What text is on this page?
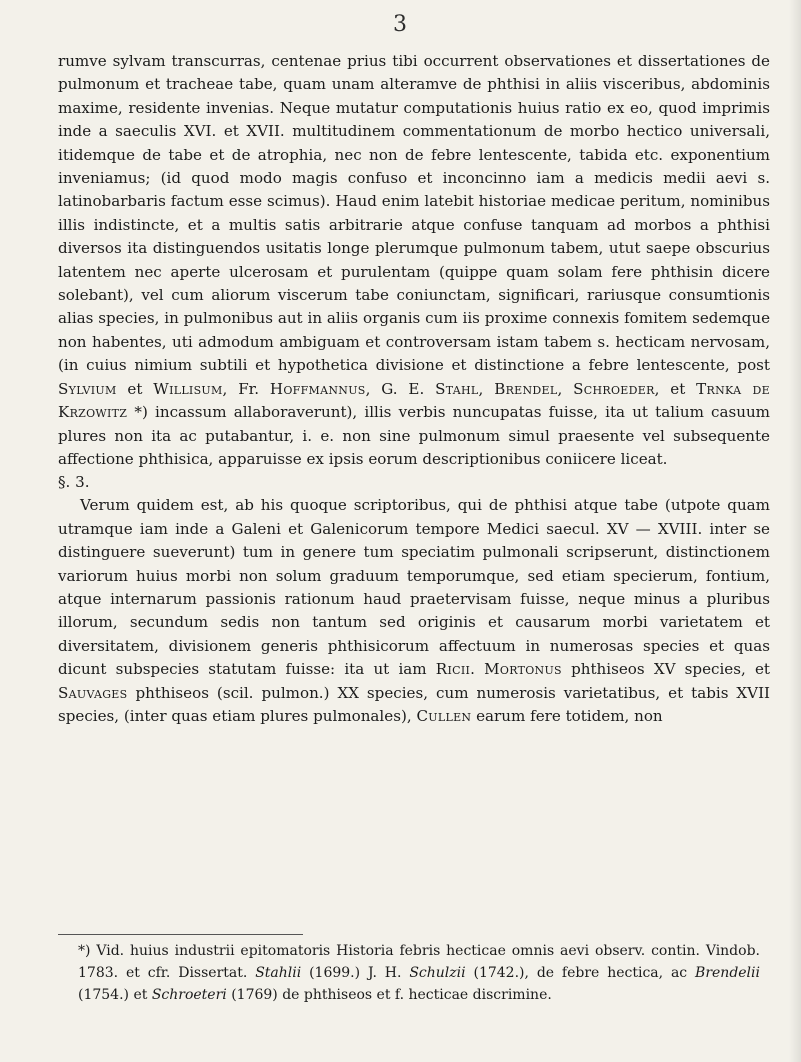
3

rumve sylvam transcurras, centenae prius tibi occurrent observationes et dissertationes de pulmonum et tracheae tabe, quam unam alteramve de phthisi in aliis visceribus, abdominis maxime, residente invenias. Neque mutatur computationis huius ratio ex eo, quod imprimis inde a saeculis XVI. et XVII. multitudinem commentationum de morbo hectico universali, itidemque de tabe et de atrophia, nec non de febre lentescente, tabida etc. exponentium inveniamus; (id quod modo magis confuso et inconcinno iam a medicis medii aevi s. latinobarbaris factum esse scimus). Haud enim latebit historiae medicae peritum, nominibus illis indistincte, et a multis satis arbitrarie atque confuse tanquam ad morbos a phthisi diversos ita distinguendos usitatis longe plerumque pulmonum tabem, utut saepe obscurius latentem nec aperte ulcerosam et purulentam (quippe quam solam fere phthisin dicere solebant), vel cum aliorum viscerum tabe coniunctam, significari, rariusque consumtionis alias species, in pulmonibus aut in aliis organis cum iis proxime connexis fomitem sedemque non habentes, uti admodum ambiguam et controversam istam tabem s. hecticam nervosam, (in cuius nimium subtili et hypothetica divisione et distinctione a febre lentescente, post Sylvium et Willisum, Fr. Hoffmannus, G. E. Stahl, Brendel, Schroeder, et Trnka de Krzowitz *) incassum allaboraverunt), illis verbis nuncupatas fuisse, ita ut talium casuum plures non ita ac putabantur, i. e. non sine pulmonum simul praesente vel subsequente affectione phthisica, apparuisse ex ipsis eorum descriptionibus coniicere liceat.

§. 3.

Verum quidem est, ab his quoque scriptoribus, qui de phthisi atque tabe (utpote quam utramque iam inde a Galeni et Galenicorum tempore Medici saecul. XV — XVIII. inter se distinguere sueverunt) tum in genere tum speciatim pulmonali scripserunt, distinctionem variorum huius morbi non solum graduum temporumque, sed etiam specierum, fontium, atque internarum passionis rationum haud praetervisam fuisse, neque minus a pluribus illorum, secundum sedis non tantum sed originis et causarum morbi varietatem et diversitatem, divisionem generis phthisicorum affectuum in numerosas species et quas dicunt subspecies statutam fuisse: ita ut iam Ricii. Mortonus phthiseos XV species, et Sauvages phthiseos (scil. pulmon.) XX species, cum numerosis varietatibus, et tabis XVII species, (inter quas etiam plures pulmonales), Cullen earum fere totidem, non

*) Vid. huius industrii epitomatoris Historia febris hecticae omnis aevi observ. contin. Vindob. 1783. et cfr. Dissertat. Stahlii (1699.) J. H. Schulzii (1742.), de febre hectica, ac Brendelii (1754.) et Schroeteri (1769) de phthiseos et f. hecticae discrimine.
